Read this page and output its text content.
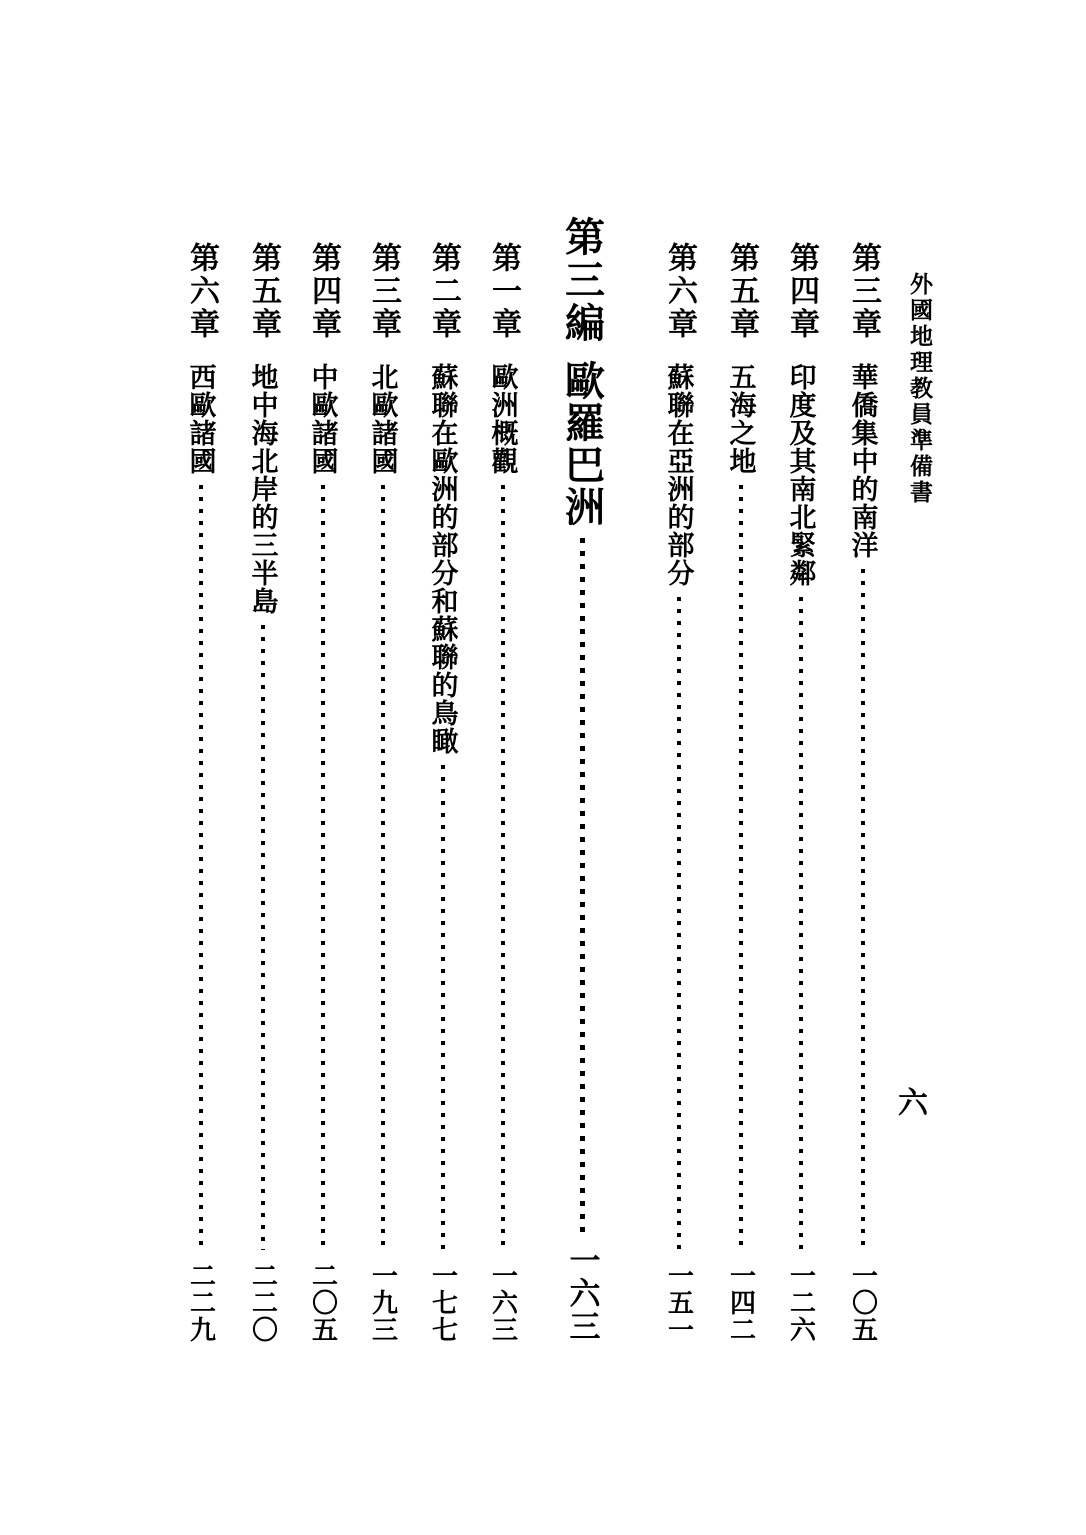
外國地理教員準備書
第三章
華僑集中的南洋
一〇五
第四章
印度及其南北緊鄰
一二六
第五章
五海之地
一四二
第六章
蘇聯在亞洲的部分
一五一
第三編
歐羅巴洲
一六三
第一章
歐洲概觀
一六三
第二章
蘇聯在歐洲的部分和蘇聯的鳥瞰
一七七
第三章
北歐諸國
一九三
第四章
中歐諸國
二〇五
第五章
地中海北岸的三半島
二二〇
第六章
西歐諸國
二二九
六
